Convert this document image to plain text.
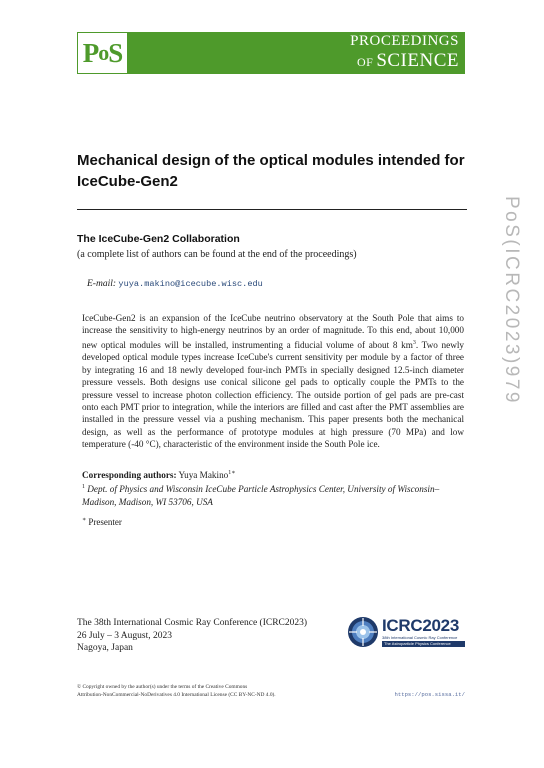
P o S	PROCEEDINGS
OF SCIENCE
Mechanical design of the optical modules intended for IceCube-Gen2
The IceCube-Gen2 Collaboration
(a complete list of authors can be found at the end of the proceedings)
E-mail: yuya.makino@icecube.wisc.edu
IceCube-Gen2 is an expansion of the IceCube neutrino observatory at the South Pole that aims to increase the sensitivity to high-energy neutrinos by an order of magnitude. To this end, about 10,000 new optical modules will be installed, instrumenting a fiducial volume of about 8 $km^3$. Two newly developed optical module types increase IceCube's current sensitivity per module by a factor of three by integrating 16 and 18 newly developed four-inch PMTs in specially designed 12.5-inch diameter pressure vessels. Both designs use conical silicone gel pads to optically couple the PMTs to the pressure vessel to increase photon collection efficiency. The outside portion of gel pads are pre-cast onto each PMT prior to integration, while the interiors are filled and cast after the PMT assemblies are installed in the pressure vessel via a pushing mechanism. This paper presents both the mechanical design, as well as the performance of prototype modules at high pressure (70 MPa) and low temperature (-40 °C), characteristic of the environment inside the South Pole ice.
Corresponding authors: Yuya Makino$^{1∗}$
$^1$ Dept. of Physics and Wisconsin IceCube Particle Astrophysics Center, University of Wisconsin–Madison, Madison, WI 53706, USA
∗ Presenter
The 38th International Cosmic Ray Conference (ICRC2023)
26 July – 3 August, 2023
Nagoya, Japan
ICRC2023
38th International Cosmic Ray Conference
The Astroparticle Physics Conference
© Copyright owned by the author(s) under the terms of the Creative Commons
Attribution-NonCommercial-NoDerivatives 4.0 International License (CC BY-NC-ND 4.0).	https://pos.sissa.it/
PoS(ICRC2023)979
